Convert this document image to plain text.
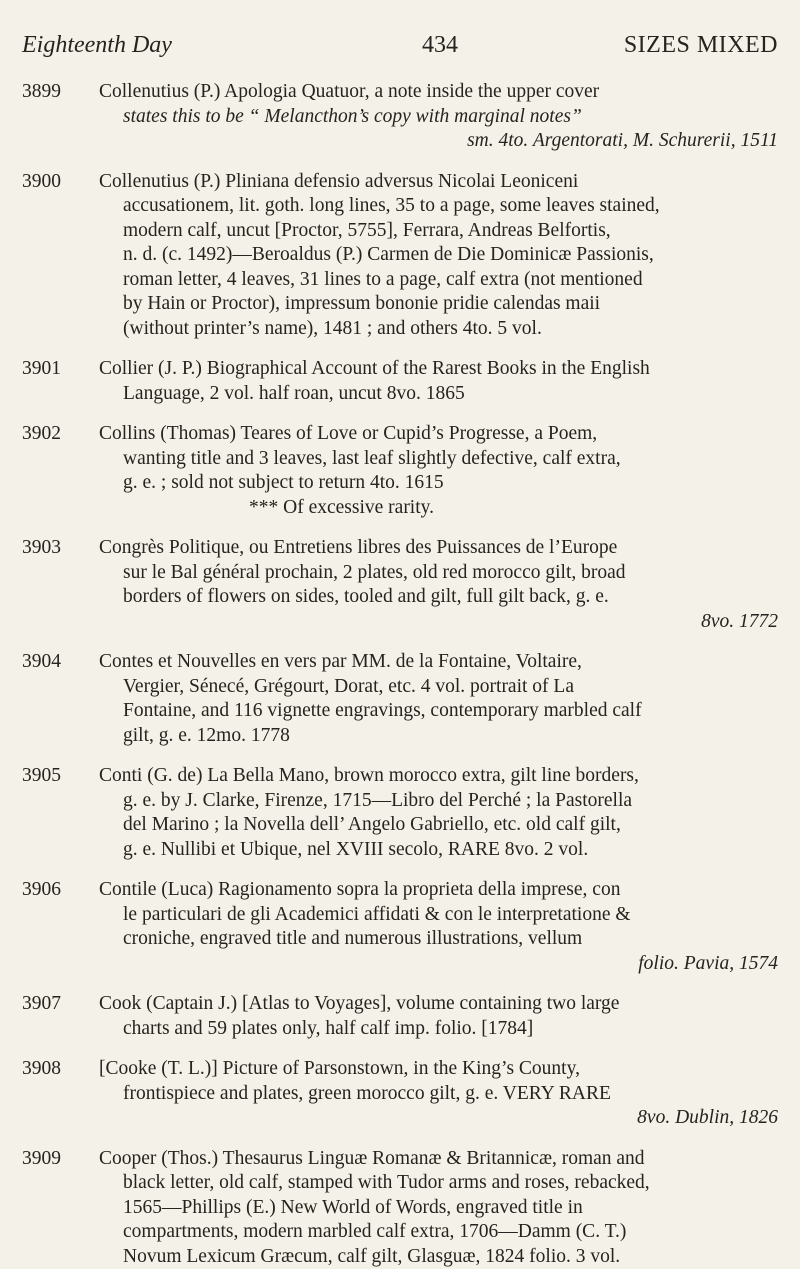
Eighteenth Day	434	SIZES MIXED
3899	Collenutius (P.) Apologia Quatuor, a note inside the upper cover
states this to be “ Melancthon’s copy with marginal notes”
sm. 4to. Argentorati, M. Schurerii, 1511
3900	Collenutius (P.) Pliniana defensio adversus Nicolai Leoniceni
accusationem, lit. goth. long lines, 35 to a page, some leaves stained,
modern calf, uncut [Proctor, 5755], Ferrara, Andreas Belfortis,
n. d. (c. 1492)—Beroaldus (P.) Carmen de Die Dominicæ Passionis,
roman letter, 4 leaves, 31 lines to a page, calf extra (not mentioned
by Hain or Proctor), impressum bononie pridie calendas maii
(without printer’s name), 1481 ; and others 4to. 5 vol.
3901	Collier (J. P.) Biographical Account of the Rarest Books in the English
Language, 2 vol. half roan, uncut 8vo. 1865
3902	Collins (Thomas) Teares of Love or Cupid’s Progresse, a Poem,
wanting title and 3 leaves, last leaf slightly defective, calf extra,
g. e. ; sold not subject to return 4to. 1615
*** Of excessive rarity.
3903	Congrès Politique, ou Entretiens libres des Puissances de l’Europe
sur le Bal général prochain, 2 plates, old red morocco gilt, broad
borders of flowers on sides, tooled and gilt, full gilt back, g. e.
8vo. 1772
3904	Contes et Nouvelles en vers par MM. de la Fontaine, Voltaire,
Vergier, Sénecé, Grégourt, Dorat, etc. 4 vol. portrait of La
Fontaine, and 116 vignette engravings, contemporary marbled calf
gilt, g. e. 12mo. 1778
3905	Conti (G. de) La Bella Mano, brown morocco extra, gilt line borders,
g. e. by J. Clarke, Firenze, 1715—Libro del Perché ; la Pastorella
del Marino ; la Novella dell’ Angelo Gabriello, etc. old calf gilt,
g. e. Nullibi et Ubique, nel XVIII secolo, RARE 8vo. 2 vol.
3906	Contile (Luca) Ragionamento sopra la proprieta della imprese, con
le particulari de gli Academici affidati & con le interpretatione &
croniche, engraved title and numerous illustrations, vellum
folio. Pavia, 1574
3907	Cook (Captain J.) [Atlas to Voyages], volume containing two large
charts and 59 plates only, half calf imp. folio. [1784]
3908	[Cooke (T. L.)] Picture of Parsonstown, in the King’s County,
frontispiece and plates, green morocco gilt, g. e. VERY RARE
8vo. Dublin, 1826
3909	Cooper (Thos.) Thesaurus Linguæ Romanæ & Britannicæ, roman and
black letter, old calf, stamped with Tudor arms and roses, rebacked,
1565—Phillips (E.) New World of Words, engraved title in
compartments, modern marbled calf extra, 1706—Damm (C. T.)
Novum Lexicum Græcum, calf gilt, Glasguæ, 1824 folio. 3 vol.
